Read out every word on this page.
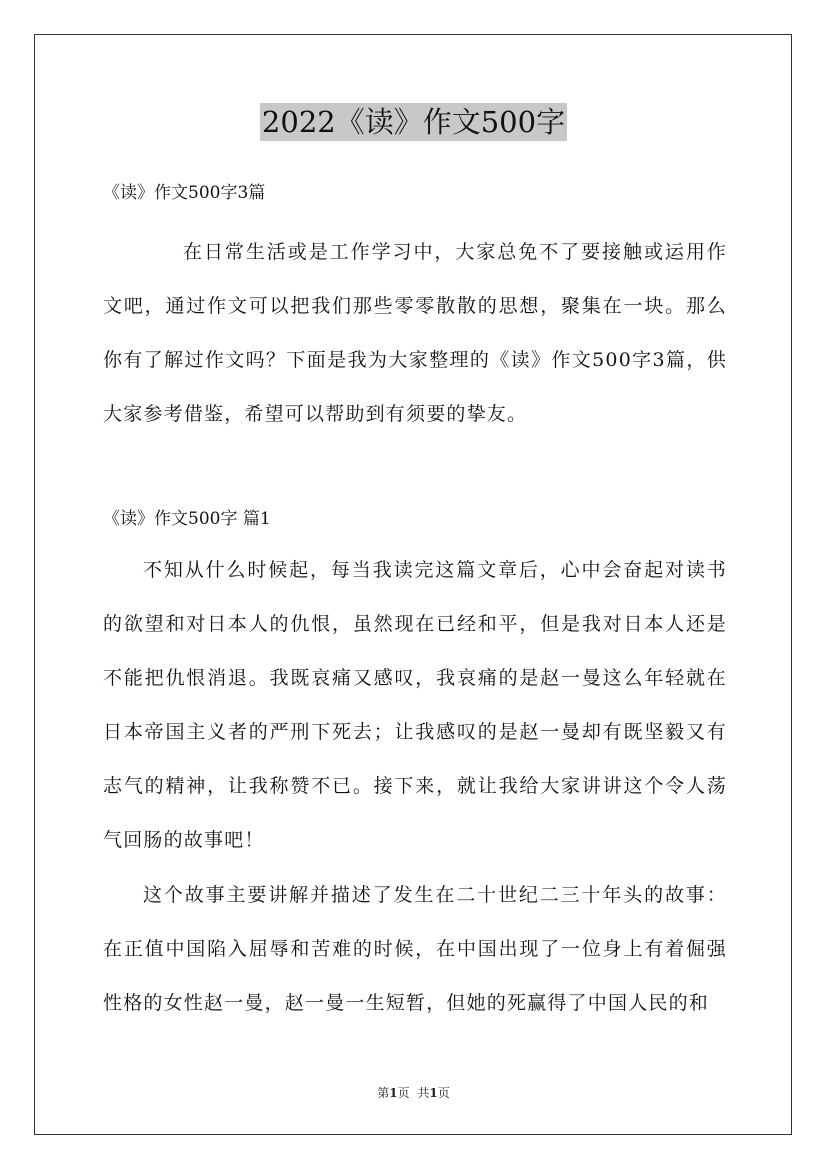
2022《读》作文500字
《读》作文500字3篇

在日常生活或是工作学习中，大家总免不了要接触或运用作文吧，通过作文可以把我们那些零零散散的思想，聚集在一块。那么你有了解过作文吗？下面是我为大家整理的《读》作文500字3篇，供大家参考借鉴，希望可以帮助到有须要的挚友。

《读》作文500字 篇1

不知从什么时候起，每当我读完这篇文章后，心中会奋起对读书的欲望和对日本人的仇恨，虽然现在已经和平，但是我对日本人还是不能把仇恨消退。我既哀痛又感叹，我哀痛的是赵一曼这么年轻就在日本帝国主义者的严刑下死去；让我感叹的是赵一曼却有既坚毅又有志气的精神，让我称赞不已。接下来，就让我给大家讲讲这个令人荡气回肠的故事吧！

这个故事主要讲解并描述了发生在二十世纪二三十年头的故事：在正值中国陷入屈辱和苦难的时候，在中国出现了一位身上有着倔强性格的女性赵一曼，赵一曼一生短暂，但她的死赢得了中国人民的和

第1页 共1页
